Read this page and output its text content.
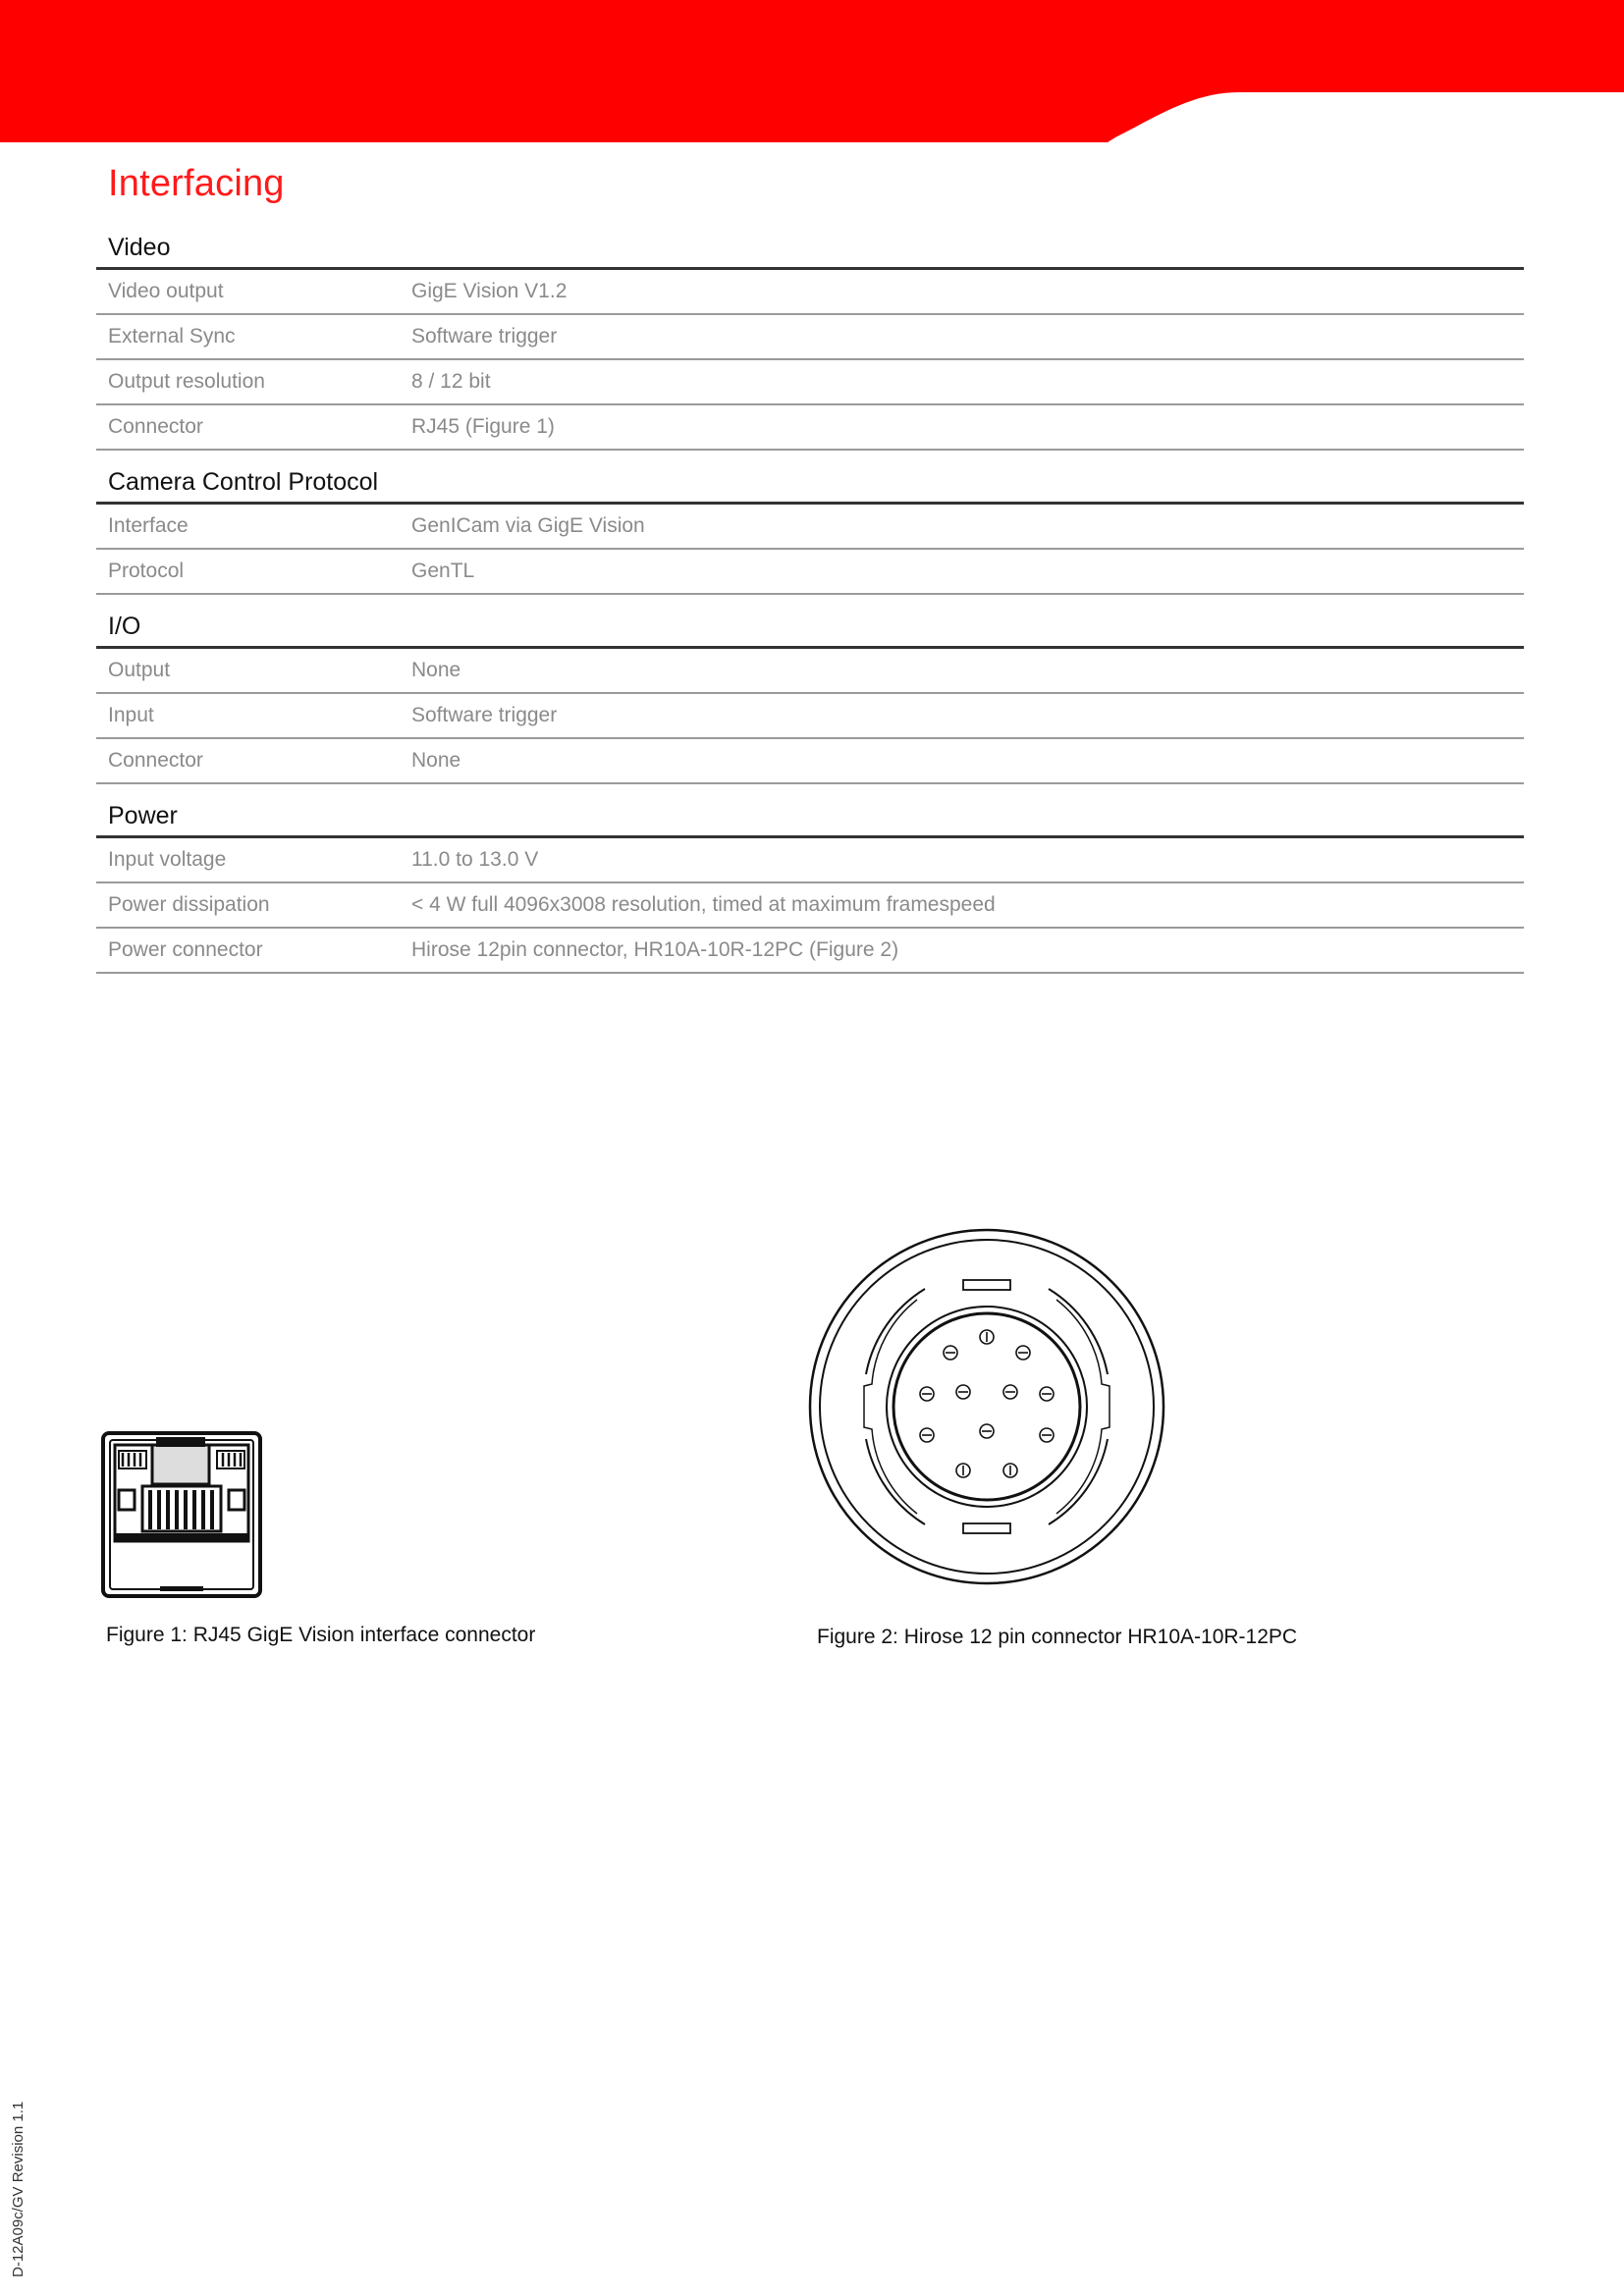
Interfacing
Video
Video output	GigE Vision V1.2
External Sync	Software trigger
Output resolution	8 / 12 bit
Connector	RJ45 (Figure 1)
Camera Control Protocol
Interface	GenICam via GigE Vision
Protocol	GenTL
I/O
Output	None
Input	Software trigger
Connector	None
Power
Input voltage	11.0 to 13.0 V
Power dissipation	< 4 W full 4096x3008 resolution, timed at maximum framespeed
Power connector	Hirose 12pin connector, HR10A-10R-12PC (Figure 2)
Figure 1: RJ45 GigE Vision interface connector	Figure 2: Hirose 12 pin connector HR10A-10R-12PC
D-12A09c/GV Revision 1.1
